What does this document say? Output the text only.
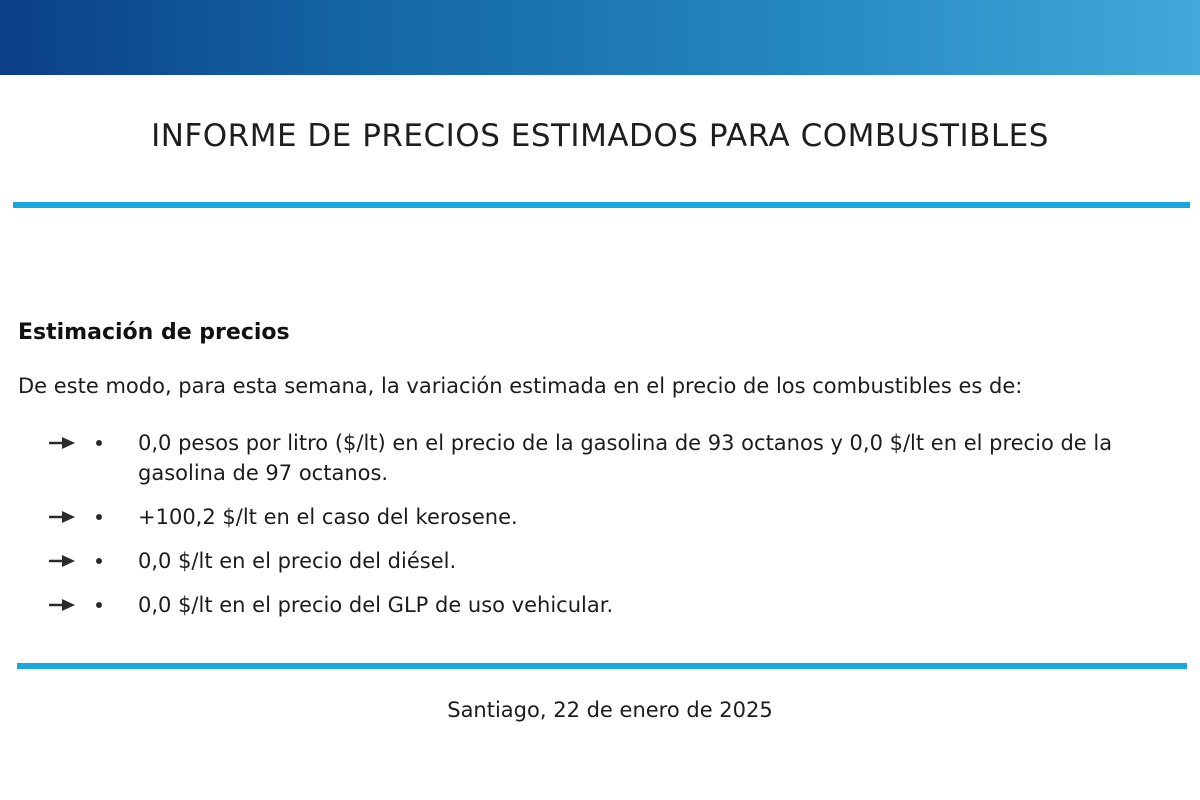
INFORME DE PRECIOS ESTIMADOS PARA COMBUSTIBLES
Estimación de precios

De este modo, para esta semana, la variación estimada en el precio de los combustibles es de:

0,0 pesos por litro ($/lt) en el precio de la gasolina de 93 octanos y 0,0 $/lt en el precio de la gasolina de 97 octanos.
+100,2 $/lt en el caso del kerosene.
0,0 $/lt en el precio del diésel.
0,0 $/lt en el precio del GLP de uso vehicular.

Santiago, 22 de enero de 2025
